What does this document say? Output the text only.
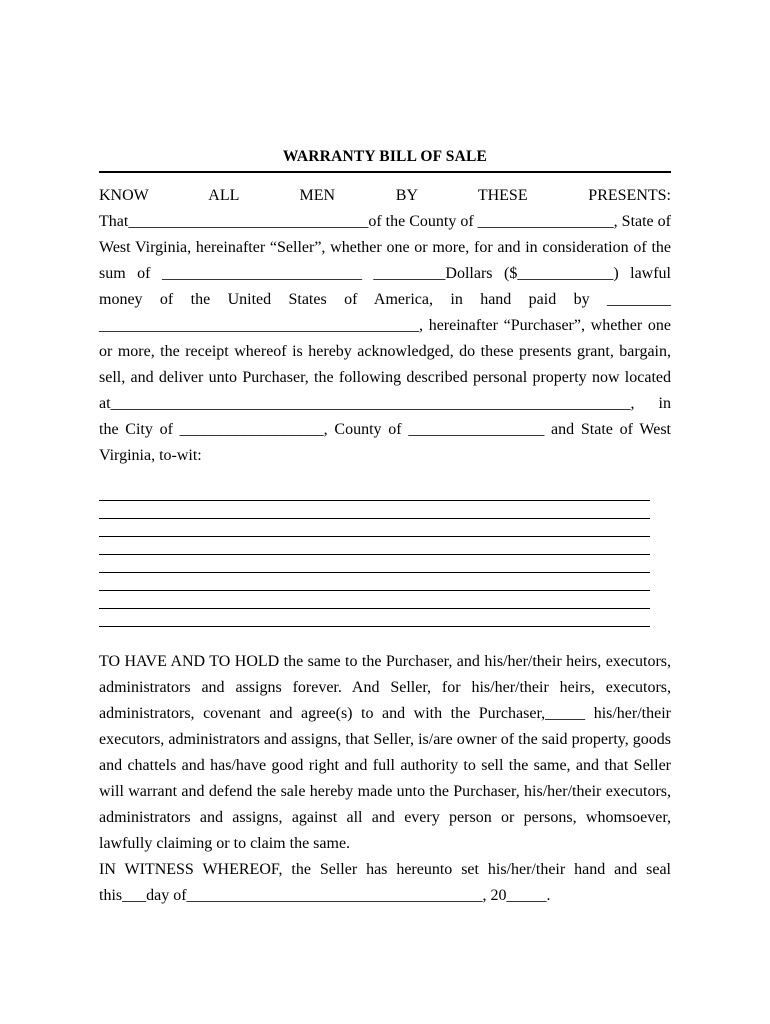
WARRANTY BILL OF SALE

KNOW ALL MEN BY THESE PRESENTS: That______________________________of the County of _________________, State of West Virginia, hereinafter “Seller”, whether one or more, for and in consideration of the sum of _________________________ _________Dollars ($____________) lawful money of the United States of America, in hand paid by ________ ________________________________________, hereinafter “Purchaser”, whether one or more, the receipt whereof is hereby acknowledged, do these presents grant, bargain, sell, and deliver unto Purchaser, the following described personal property now located at_________________________________________________________________, in the City of __________________, County of _________________ and State of West Virginia, to-wit:

TO HAVE AND TO HOLD the same to the Purchaser, and his/her/their heirs, executors, administrators and assigns forever. And Seller, for his/her/their heirs, executors, administrators, covenant and agree(s) to and with the Purchaser,_____ his/her/their executors, administrators and assigns, that Seller, is/are owner of the said property, goods and chattels and has/have good right and full authority to sell the same, and that Seller will warrant and defend the sale hereby made unto the Purchaser, his/her/their executors, administrators and assigns, against all and every person or persons, whomsoever, lawfully claiming or to claim the same.

IN WITNESS WHEREOF, the Seller has hereunto set his/her/their hand and seal this___day of_____________________________________, 20_____.
